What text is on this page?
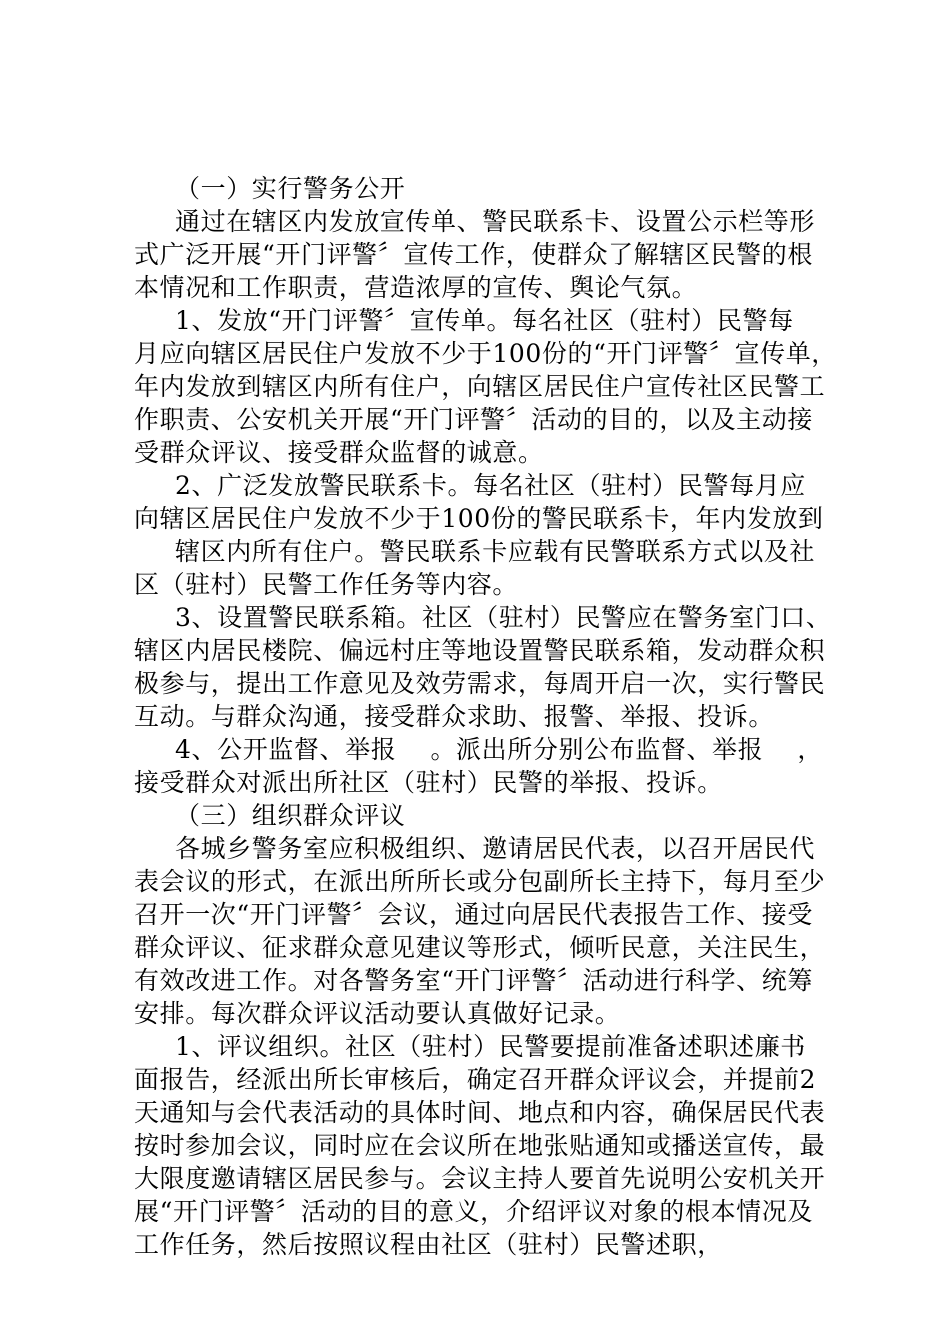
（一）实行警务公开
通过在辖区内发放宣传单、警民联系卡、设置公示栏等形
式广泛开展“开门评警〞宣传工作，使群众了解辖区民警的根
本情况和工作职责，营造浓厚的宣传、舆论气氛。
1、发放“开门评警〞宣传单。每名社区（驻村）民警每
月应向辖区居民住户发放不少于100份的“开门评警〞宣传单，
年内发放到辖区内所有住户，向辖区居民住户宣传社区民警工
作职责、公安机关开展“开门评警〞活动的目的，以及主动接
受群众评议、接受群众监督的诚意。
2、广泛发放警民联系卡。每名社区（驻村）民警每月应
向辖区居民住户发放不少于100份的警民联系卡，年内发放到
辖区内所有住户。警民联系卡应载有民警联系方式以及社
区（驻村）民警工作任务等内容。
3、设置警民联系箱。社区（驻村）民警应在警务室门口、
辖区内居民楼院、偏远村庄等地设置警民联系箱，发动群众积
极参与，提出工作意见及效劳需求，每周开启一次，实行警民
互动。与群众沟通，接受群众求助、报警、举报、投诉。
4、公开监督、举报 　。派出所分别公布监督、举报 　，
接受群众对派出所社区（驻村）民警的举报、投诉。
（三）组织群众评议
各城乡警务室应积极组织、邀请居民代表，以召开居民代
表会议的形式，在派出所所长或分包副所长主持下，每月至少
召开一次“开门评警〞会议，通过向居民代表报告工作、接受
群众评议、征求群众意见建议等形式，倾听民意，关注民生，
有效改进工作。对各警务室“开门评警〞活动进行科学、统筹
安排。每次群众评议活动要认真做好记录。
1、评议组织。社区（驻村）民警要提前准备述职述廉书
面报告，经派出所长审核后，确定召开群众评议会，并提前2
天通知与会代表活动的具体时间、地点和内容，确保居民代表
按时参加会议，同时应在会议所在地张贴通知或播送宣传，最
大限度邀请辖区居民参与。会议主持人要首先说明公安机关开
展“开门评警〞活动的目的意义，介绍评议对象的根本情况及
工作任务，然后按照议程由社区（驻村）民警述职，
